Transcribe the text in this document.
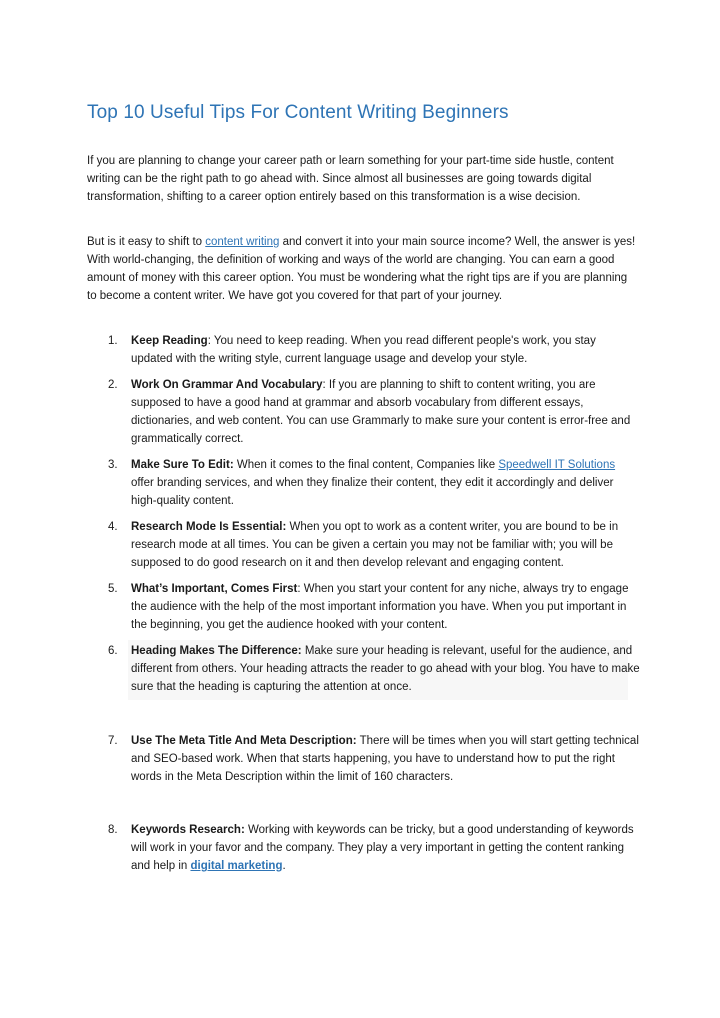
Top 10 Useful Tips For Content Writing Beginners

If you are planning to change your career path or learn something for your part-time side hustle, content writing can be the right path to go ahead with. Since almost all businesses are going towards digital transformation, shifting to a career option entirely based on this transformation is a wise decision.

But is it easy to shift to content writing and convert it into your main source income? Well, the answer is yes! With world-changing, the definition of working and ways of the world are changing. You can earn a good amount of money with this career option. You must be wondering what the right tips are if you are planning to become a content writer. We have got you covered for that part of your journey.

1.	Keep Reading: You need to keep reading. When you read different people's work, you stay updated with the writing style, current language usage and develop your style.
2.	Work On Grammar And Vocabulary: If you are planning to shift to content writing, you are supposed to have a good hand at grammar and absorb vocabulary from different essays, dictionaries, and web content. You can use Grammarly to make sure your content is error-free and grammatically correct.
3.	Make Sure To Edit: When it comes to the final content, Companies like Speedwell IT Solutions offer branding services, and when they finalize their content, they edit it accordingly and deliver high-quality content.
4.	Research Mode Is Essential: When you opt to work as a content writer, you are bound to be in research mode at all times. You can be given a certain you may not be familiar with; you will be supposed to do good research on it and then develop relevant and engaging content.
5.	What’s Important, Comes First: When you start your content for any niche, always try to engage the audience with the help of the most important information you have. When you put important in the beginning, you get the audience hooked with your content.
6.	Heading Makes The Difference: Make sure your heading is relevant, useful for the audience, and different from others. Your heading attracts the reader to go ahead with your blog. You have to make sure that the heading is capturing the attention at once.
7.	Use The Meta Title And Meta Description: There will be times when you will start getting technical and SEO-based work. When that starts happening, you have to understand how to put the right words in the Meta Description within the limit of 160 characters.
8.	Keywords Research: Working with keywords can be tricky, but a good understanding of keywords will work in your favor and the company. They play a very important in getting the content ranking and help in digital marketing.
